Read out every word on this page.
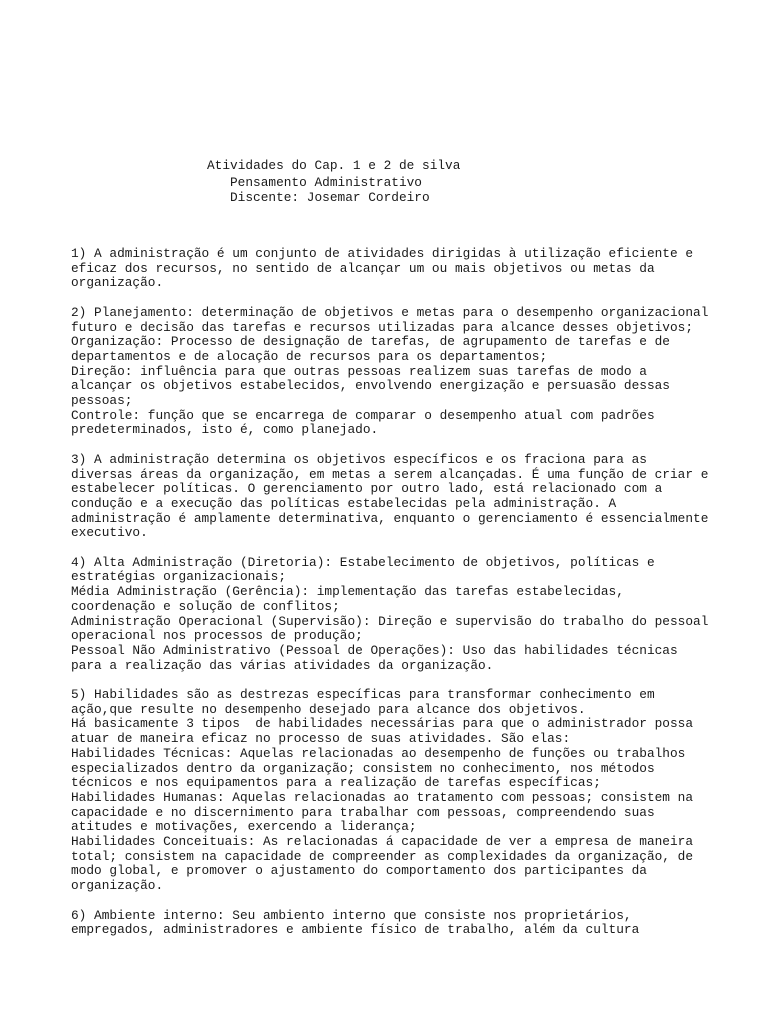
Atividades do Cap. 1 e 2 de silva
Pensamento Administrativo
Discente: Josemar Cordeiro
1) A administração é um conjunto de atividades dirigidas à utilização eficiente e
eficaz dos recursos, no sentido de alcançar um ou mais objetivos ou metas da
organização.
2) Planejamento: determinação de objetivos e metas para o desempenho organizacional
futuro e decisão das tarefas e recursos utilizadas para alcance desses objetivos;
Organização: Processo de designação de tarefas, de agrupamento de tarefas e de
departamentos e de alocação de recursos para os departamentos;
Direção: influência para que outras pessoas realizem suas tarefas de modo a
alcançar os objetivos estabelecidos, envolvendo energização e persuasão dessas
pessoas;
Controle: função que se encarrega de comparar o desempenho atual com padrões
predeterminados, isto é, como planejado.
3) A administração determina os objetivos específicos e os fraciona para as
diversas áreas da organização, em metas a serem alcançadas. É uma função de criar e
estabelecer políticas. O gerenciamento por outro lado, está relacionado com a
condução e a execução das políticas estabelecidas pela administração. A
administração é amplamente determinativa, enquanto o gerenciamento é essencialmente
executivo.
4) Alta Administração (Diretoria): Estabelecimento de objetivos, políticas e
estratégias organizacionais;
Média Administração (Gerência): implementação das tarefas estabelecidas,
coordenação e solução de conflitos;
Administração Operacional (Supervisão): Direção e supervisão do trabalho do pessoal
operacional nos processos de produção;
Pessoal Não Administrativo (Pessoal de Operações): Uso das habilidades técnicas
para a realização das várias atividades da organização.
5) Habilidades são as destrezas específicas para transformar conhecimento em
ação,que resulte no desempenho desejado para alcance dos objetivos.
Há basicamente 3 tipos  de habilidades necessárias para que o administrador possa
atuar de maneira eficaz no processo de suas atividades. São elas:
Habilidades Técnicas: Aquelas relacionadas ao desempenho de funções ou trabalhos
especializados dentro da organização; consistem no conhecimento, nos métodos
técnicos e nos equipamentos para a realização de tarefas específicas;
Habilidades Humanas: Aquelas relacionadas ao tratamento com pessoas; consistem na
capacidade e no discernimento para trabalhar com pessoas, compreendendo suas
atitudes e motivações, exercendo a liderança;
Habilidades Conceituais: As relacionadas á capacidade de ver a empresa de maneira
total; consistem na capacidade de compreender as complexidades da organização, de
modo global, e promover o ajustamento do comportamento dos participantes da
organização.
6) Ambiente interno: Seu ambiento interno que consiste nos proprietários,
empregados, administradores e ambiente físico de trabalho, além da cultura
